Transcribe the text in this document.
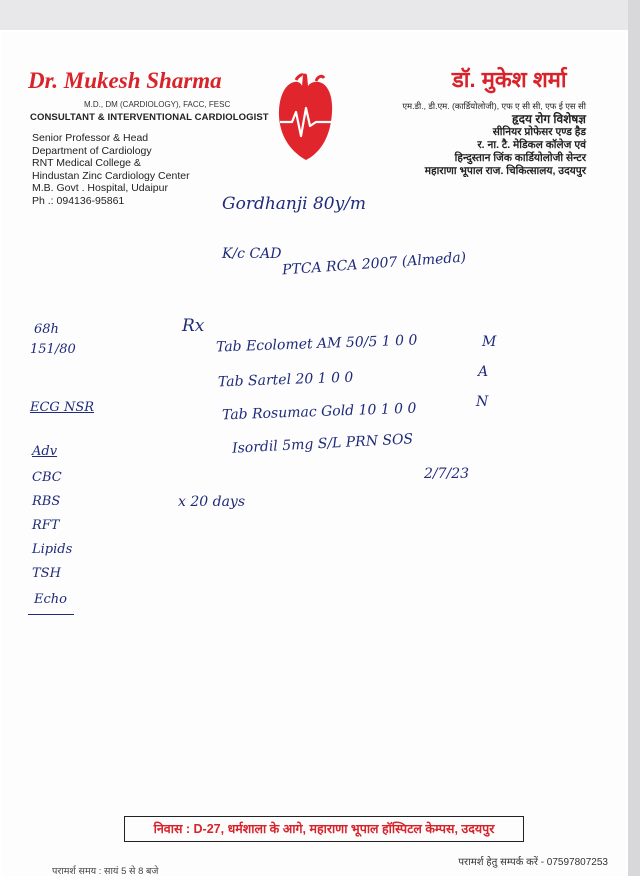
Dr. Mukesh Sharma
M.D., DM (CARDIOLOGY), FACC, FESC
CONSULTANT & INTERVENTIONAL CARDIOLOGIST
Senior Professor & Head
Department of Cardiology
RNT Medical College &
Hindustan Zinc Cardiology Center
M.B. Govt . Hospital, Udaipur
Ph .: 094136-95861
डॉ. मुकेश शर्मा
एम.डी., डी.एम. (कार्डियोलोजी), एफ ए सी सी, एफ ई एस सी
हृदय रोग विशेषज्ञ
सीनियर प्रोफेसर एण्ड हैड
र. ना. टै. मेडिकल कॉलेज एवं
हिन्दुस्तान जिंक कार्डियोलोजी सेन्टर
महाराणा भूपाल राज. चिकित्सालय, उदयपुर
Gordhanji 80y/m
K/c CAD PTCA RCA 2007 (Almeda)
68h
151/80
ECG NSR
Adv
CBC
RBS
RFT
Lipids
TSH
Echo
Rx
Tab Ecolomet AM 50/5 1 0 0	M
Tab Sartel 20 1 0 0	A
Tab Rosumac Gold 10 1 0 0	N
Isordil 5mg S/L PRN SOS
2/7/23
x 20 days
निवास : D-27, धर्मशाला के आगे, महाराणा भूपाल हॉस्पिटल केम्पस, उदयपुर
परामर्श हेतु सम्पर्क करें - 07597807253
परामर्श समय : सायं 5 से 8 बजे
